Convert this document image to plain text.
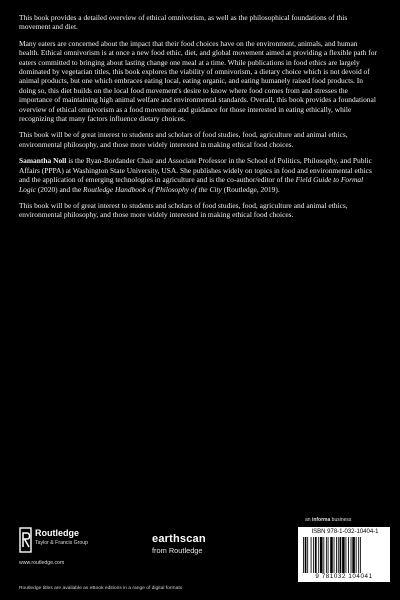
This book provides a detailed overview of ethical omnivorism, as well as the philosophical foundations of this movement and diet.

Many eaters are concerned about the impact that their food choices have on the environment, animals, and human health. Ethical omnivorism is at once a new food ethic, diet, and global movement aimed at providing a flexible path for eaters committed to bringing about lasting change one meal at a time. While publications in food ethics are largely dominated by vegetarian titles, this book explores the viability of omnivorism, a dietary choice which is not devoid of animal products, but one which embraces eating local, eating organic, and eating humanely raised food products. In doing so, this diet builds on the local food movement's desire to know where food comes from and stresses the importance of maintaining high animal welfare and environmental standards. Overall, this book provides a foundational overview of ethical omnivorism as a food movement and guidance for those interested in eating ethically, while recognizing that many factors influence dietary choices.

This book will be of great interest to students and scholars of food studies, food, agriculture and animal ethics, environmental philosophy, and those more widely interested in making ethical food choices.

Samantha Noll is the Ryan-Bordander Chair and Associate Professor in the School of Politics, Philosophy, and Public Affairs (PPPA) at Washington State University, USA. She publishes widely on topics in food and environmental ethics and the application of emerging technologies in agriculture and is the co-author/editor of the Field Guide to Formal Logic (2020) and the Routledge Handbook of Philosophy of the City (Routledge, 2019).

This book will be of great interest to students and scholars of food studies, food, agriculture and animal ethics, environmental philosophy, and those more widely interested in making ethical food choices.

Routledge
Taylor & Francis Group
www.routledge.com
earthscan
from Routledge
an informa business
ISBN 978-1-032-10404-1
9 781032 104041
Routledge titles are available as eBook editions in a range of digital formats
